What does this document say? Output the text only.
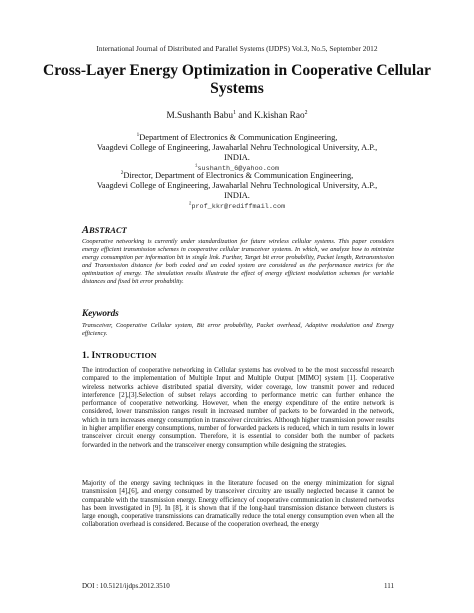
International Journal of Distributed and Parallel Systems (IJDPS) Vol.3, No.5, September 2012
Cross-Layer Energy Optimization in Cooperative Cellular Systems
M.Sushanth Babu$^1$ and K.kishan Rao$^2$
$^1$Department of Electronics & Communication Engineering,
Vaagdevi College of Engineering, Jawaharlal Nehru Technological University, A.P.,
INDIA.
$^1$sushanth_6@yahoo.com
$^2$Director, Department of Electronics & Communication Engineering,
Vaagdevi College of Engineering, Jawaharlal Nehru Technological University, A.P.,
INDIA.
$^2$prof_kkr@rediffmail.com
ABSTRACT
Cooperative networking is currently under standardization for future wireless cellular systems. This paper considers energy efficient transmission schemes in cooperative cellular transceiver systems. In which, we analyze how to minimize energy consumption per information bit in single link. Further, Target bit error probability, Packet length, Retransmission and Transmission distance for both coded and un coded system are considered as the performance metrics for the optimization of energy. The simulation results illustrate the effect of energy efficient modulation schemes for variable distances and fixed bit error probability.
Keywords
Transceiver, Cooperative Cellular system, Bit error probability, Packet overhead, Adaptive modulation and Energy efficiency.
1. INTRODUCTION
The introduction of cooperative networking in Cellular systems has evolved to be the most successful research compared to the implementation of Multiple Input and Multiple Output [MIMO] system [1]. Cooperative wireless networks achieve distributed spatial diversity, wider coverage, low transmit power and reduced interference [2],[3].Selection of subset relays according to performance metric can further enhance the performance of cooperative networking. However, when the energy expenditure of the entire network is considered, lower transmission ranges result in increased number of packets to be forwarded in the network, which in turn increases energy consumption in transceiver circuitries. Although higher transmission power results in higher amplifier energy consumptions, number of forwarded packets is reduced, which in turn results in lower transceiver circuit energy consumption. Therefore, it is essential to consider both the number of packets forwarded in the network and the transceiver energy consumption while designing the strategies.
Majority of the energy saving techniques in the literature focused on the energy minimization for signal transmission [4],[6], and energy consumed by transceiver circuitry are usually neglected because it cannot be comparable with the transmission energy. Energy efficiency of cooperative communication in clustered networks has been investigated in [9]. In [8], it is shown that if the long-haul transmission distance between clusters is large enough, cooperative transmissions can dramatically reduce the total energy consumption even when all the collaboration overhead is considered. Because of the cooperation overhead, the energy
DOI : 10.5121/ijdps.2012.3510	111
